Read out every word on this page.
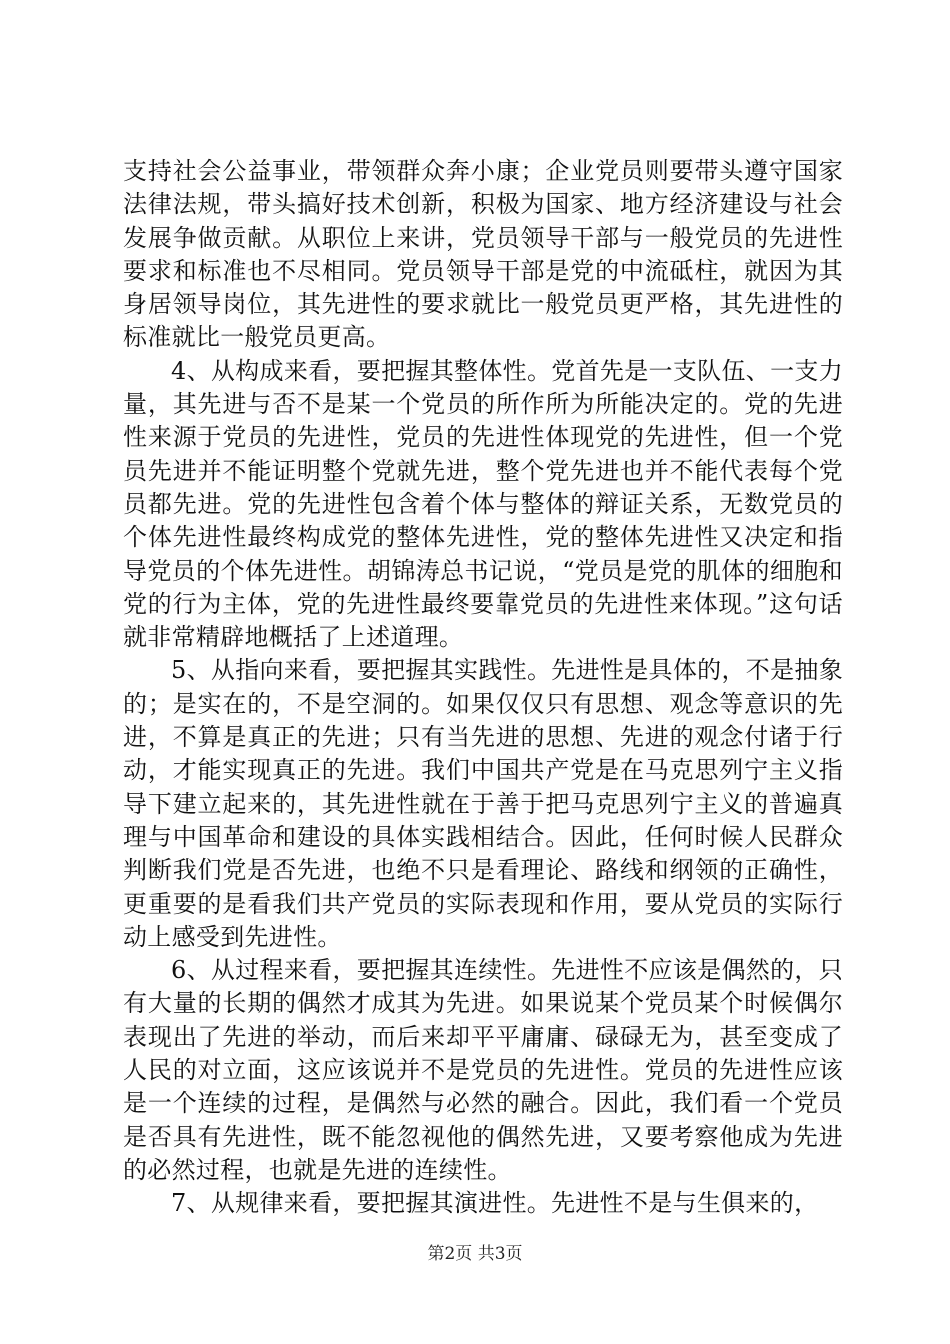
支持社会公益事业，带领群众奔小康；企业党员则要带头遵守国家法律法规，带头搞好技术创新，积极为国家、地方经济建设与社会发展争做贡献。从职位上来讲，党员领导干部与一般党员的先进性要求和标准也不尽相同。党员领导干部是党的中流砥柱，就因为其身居领导岗位，其先进性的要求就比一般党员更严格，其先进性的标准就比一般党员更高。

4、从构成来看，要把握其整体性。党首先是一支队伍、一支力量，其先进与否不是某一个党员的所作所为所能决定的。党的先进性来源于党员的先进性，党员的先进性体现党的先进性，但一个党员先进并不能证明整个党就先进，整个党先进也并不能代表每个党员都先进。党的先进性包含着个体与整体的辩证关系，无数党员的个体先进性最终构成党的整体先进性，党的整体先进性又决定和指导党员的个体先进性。胡锦涛总书记说，“党员是党的肌体的细胞和党的行为主体，党的先进性最终要靠党员的先进性来体现。”这句话就非常精辟地概括了上述道理。

5、从指向来看，要把握其实践性。先进性是具体的，不是抽象的；是实在的，不是空洞的。如果仅仅只有思想、观念等意识的先进，不算是真正的先进；只有当先进的思想、先进的观念付诸于行动，才能实现真正的先进。我们中国共产党是在马克思列宁主义指导下建立起来的，其先进性就在于善于把马克思列宁主义的普遍真理与中国革命和建设的具体实践相结合。因此，任何时候人民群众判断我们党是否先进，也绝不只是看理论、路线和纲领的正确性，更重要的是看我们共产党员的实际表现和作用，要从党员的实际行动上感受到先进性。

6、从过程来看，要把握其连续性。先进性不应该是偶然的，只有大量的长期的偶然才成其为先进。如果说某个党员某个时候偶尔表现出了先进的举动，而后来却平平庸庸、碌碌无为，甚至变成了人民的对立面，这应该说并不是党员的先进性。党员的先进性应该是一个连续的过程，是偶然与必然的融合。因此，我们看一个党员是否具有先进性，既不能忽视他的偶然先进，又要考察他成为先进的必然过程，也就是先进的连续性。

7、从规律来看，要把握其演进性。先进性不是与生俱来的，

第2页 共3页
